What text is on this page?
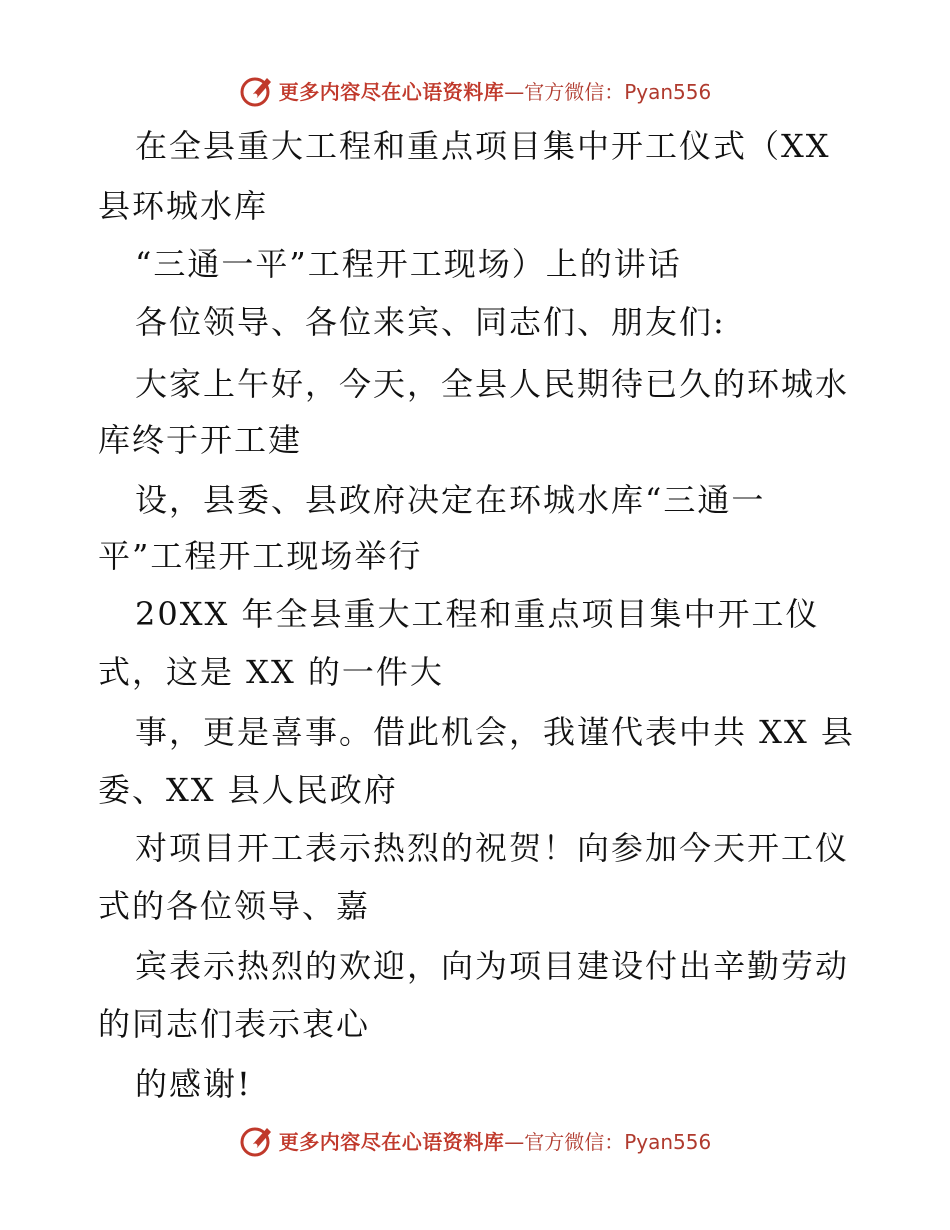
更多内容尽在心语资料库 —官方微信：Pyan556

在全县重大工程和重点项目集中开工仪式（XX

县环城水库

“三通一平”工程开工现场）上的讲话

各位领导、各位来宾、同志们、朋友们:

大家上午好，今天，全县人民期待已久的环城水

库终于开工建

设，县委、县政府决定在环城水库“三通一

平”工程开工现场举行

20XX 年全县重大工程和重点项目集中开工仪

式，这是 XX 的一件大

事，更是喜事。借此机会，我谨代表中共 XX 县

委、XX 县人民政府

对项目开工表示热烈的祝贺！向参加今天开工仪

式的各位领导、嘉

宾表示热烈的欢迎，向为项目建设付出辛勤劳动

的同志们表示衷心

的感谢!

更多内容尽在心语资料库 —官方微信：Pyan556
